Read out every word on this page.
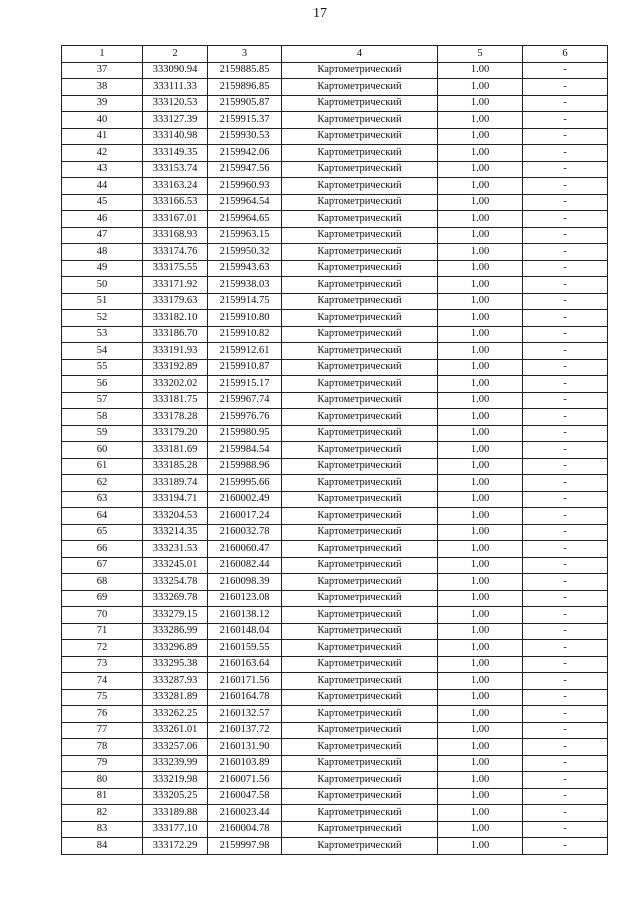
17
1	2	3	4	5	6
37	333090.94	2159885.85	Картометрический	1.00	-
38	333111.33	2159896.85	Картометрический	1.00	-
39	333120.53	2159905.87	Картометрический	1.00	-
40	333127.39	2159915.37	Картометрический	1.00	-
41	333140.98	2159930.53	Картометрический	1.00	-
42	333149.35	2159942.06	Картометрический	1.00	-
43	333153.74	2159947.56	Картометрический	1.00	-
44	333163.24	2159960.93	Картометрический	1.00	-
45	333166.53	2159964.54	Картометрический	1.00	-
46	333167.01	2159964.65	Картометрический	1.00	-
47	333168.93	2159963.15	Картометрический	1.00	-
48	333174.76	2159950.32	Картометрический	1.00	-
49	333175.55	2159943.63	Картометрический	1.00	-
50	333171.92	2159938.03	Картометрический	1.00	-
51	333179.63	2159914.75	Картометрический	1.00	-
52	333182.10	2159910.80	Картометрический	1.00	-
53	333186.70	2159910.82	Картометрический	1.00	-
54	333191.93	2159912.61	Картометрический	1.00	-
55	333192.89	2159910.87	Картометрический	1.00	-
56	333202.02	2159915.17	Картометрический	1.00	-
57	333181.75	2159967.74	Картометрический	1.00	-
58	333178.28	2159976.76	Картометрический	1.00	-
59	333179.20	2159980.95	Картометрический	1.00	-
60	333181.69	2159984.54	Картометрический	1.00	-
61	333185.28	2159988.96	Картометрический	1.00	-
62	333189.74	2159995.66	Картометрический	1.00	-
63	333194.71	2160002.49	Картометрический	1.00	-
64	333204.53	2160017.24	Картометрический	1.00	-
65	333214.35	2160032.78	Картометрический	1.00	-
66	333231.53	2160060.47	Картометрический	1.00	-
67	333245.01	2160082.44	Картометрический	1.00	-
68	333254.78	2160098.39	Картометрический	1.00	-
69	333269.78	2160123.08	Картометрический	1.00	-
70	333279.15	2160138.12	Картометрический	1.00	-
71	333286.99	2160148.04	Картометрический	1.00	-
72	333296.89	2160159.55	Картометрический	1.00	-
73	333295.38	2160163.64	Картометрический	1.00	-
74	333287.93	2160171.56	Картометрический	1.00	-
75	333281.89	2160164.78	Картометрический	1.00	-
76	333262.25	2160132.57	Картометрический	1.00	-
77	333261.01	2160137.72	Картометрический	1.00	-
78	333257.06	2160131.90	Картометрический	1.00	-
79	333239.99	2160103.89	Картометрический	1.00	-
80	333219.98	2160071.56	Картометрический	1.00	-
81	333205.25	2160047.58	Картометрический	1.00	-
82	333189.88	2160023.44	Картометрический	1.00	-
83	333177.10	2160004.78	Картометрический	1.00	-
84	333172.29	2159997.98	Картометрический	1.00	-
